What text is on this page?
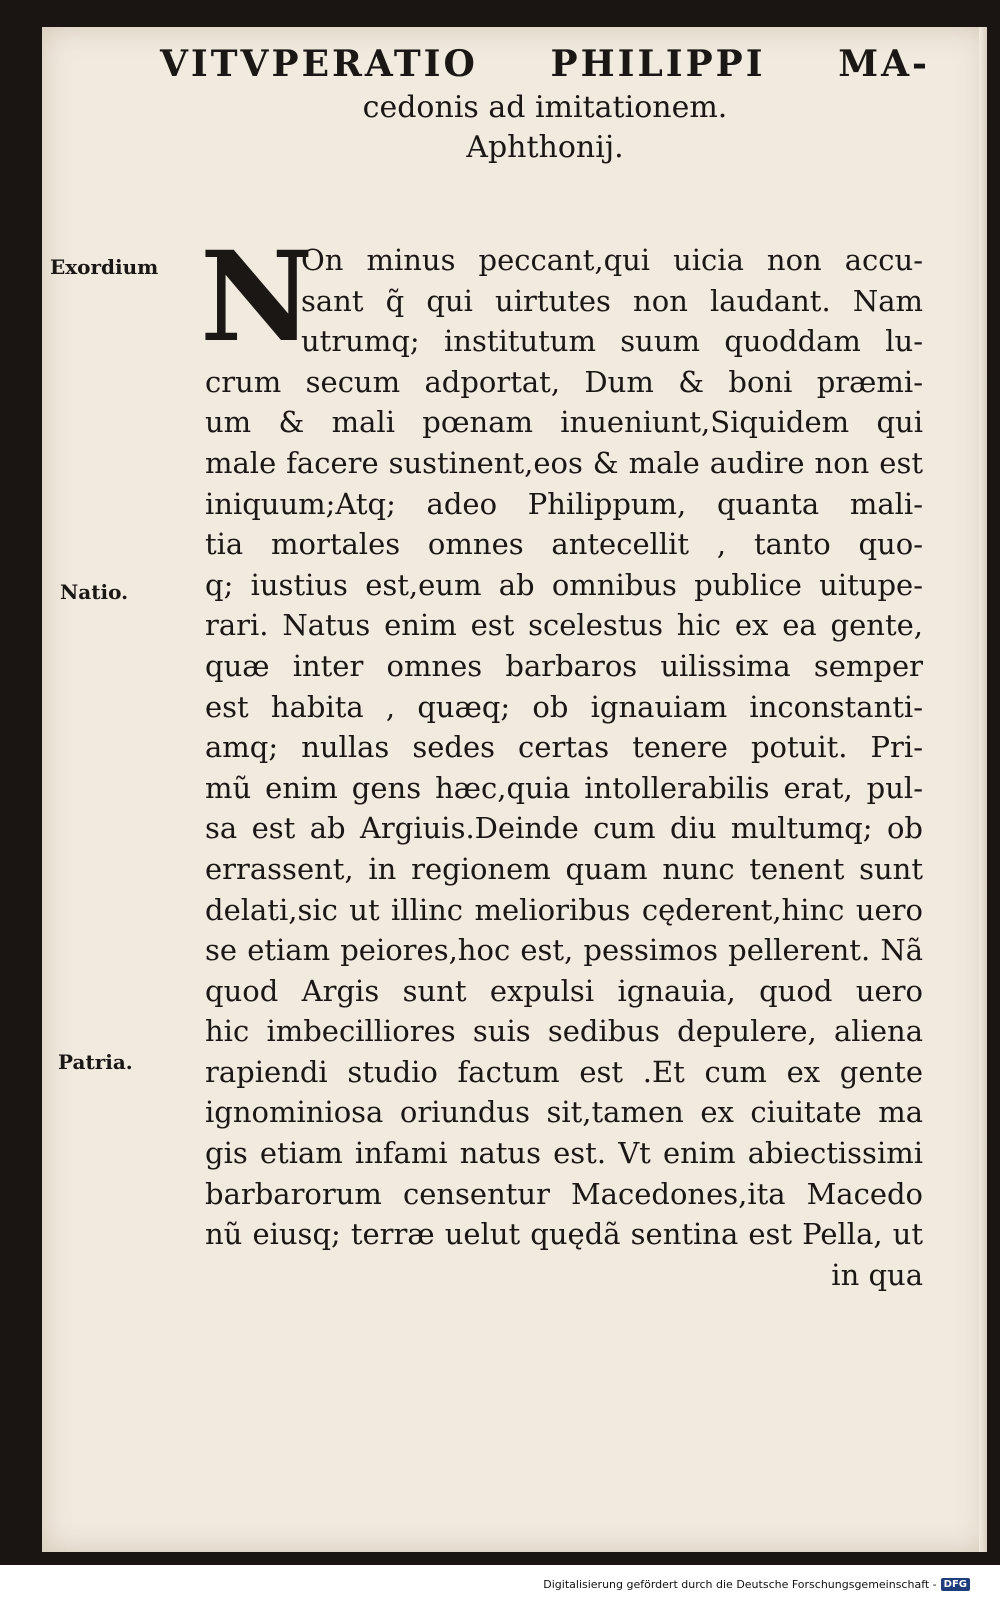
VITVPERATIO PHILIPPI MA-
cedonis ad imitationem.
Aphthonij.
Exordium
Natio.
Patria.
N
On minus peccant,qui uicia non accu-
sant q̃ qui uirtutes non laudant. Nam
utrumq; institutum suum quoddam lu-
crum secum adportat, Dum & boni præmi-
um & mali pœnam inueniunt,Siquidem qui
male facere sustinent,eos & male audire non est
iniquum;Atq; adeo Philippum, quanta mali-
tia mortales omnes antecellit , tanto quo-
q; iustius est,eum ab omnibus publice uitupe-
rari. Natus enim est scelestus hic ex ea gente,
quæ inter omnes barbaros uilissima semper
est habita , quæq; ob ignauiam inconstanti-
amq; nullas sedes certas tenere potuit. Pri-
mũ enim gens hæc,quia intollerabilis erat, pul-
sa est ab Argiuis.Deinde cum diu multumq; ob
errassent, in regionem quam nunc tenent sunt
delati,sic ut illinc melioribus cęderent,hinc uero
se etiam peiores,hoc est, pessimos pellerent. Nã
quod Argis sunt expulsi ignauia, quod uero
hic imbecilliores suis sedibus depulere, aliena
rapiendi studio factum est .Et cum ex gente
ignominiosa oriundus sit,tamen ex ciuitate ma
gis etiam infami natus est. Vt enim abiectissimi
barbarorum censentur Macedones,ita Macedo
nũ eiusq; terræ uelut quędã sentina est Pella, ut
in qua
Digitalisierung gefördert durch die Deutsche Forschungsgemeinschaft - DFG
